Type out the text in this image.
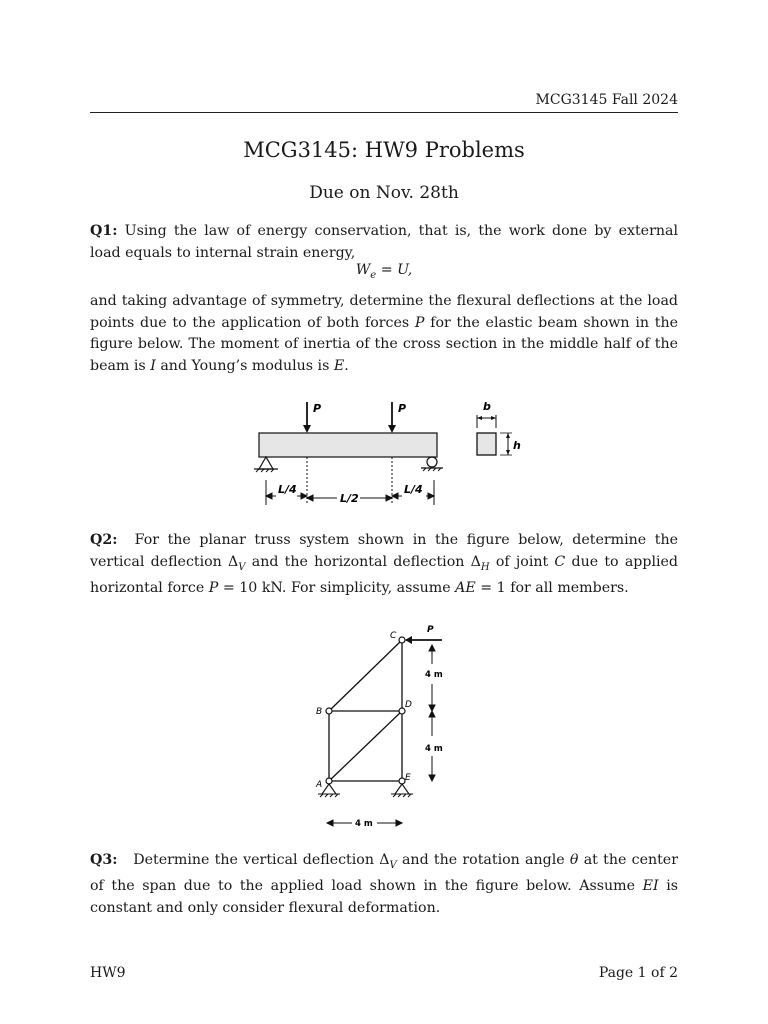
MCG3145 Fall 2024
MCG3145: HW9 Problems
Due on Nov. 28th
Q1: Using the law of energy conservation, that is, the work done by external load equals to internal strain energy,
$W_e = U$,
and taking advantage of symmetry, determine the flexural deflections at the load points due to the application of both forces P for the elastic beam shown in the figure below. The moment of inertia of the cross section in the middle half of the beam is I and Young’s modulus is E.
P	P
L/4
L/2
L/4
b
h
Q2: For the planar truss system shown in the figure below, determine the vertical deflection $\Delta_V$ and the horizontal deflection $\Delta_H$ of joint C due to applied horizontal force P = 10 kN. For simplicity, assume AE = 1 for all members.
P
C
B
D
A
E
4 m
4 m
4 m
Q3: Determine the vertical deflection $\Delta_V$ and the rotation angle θ at the center of the span due to the applied load shown in the figure below. Assume EI is constant and only consider flexural deformation.
HW9	Page 1 of 2
